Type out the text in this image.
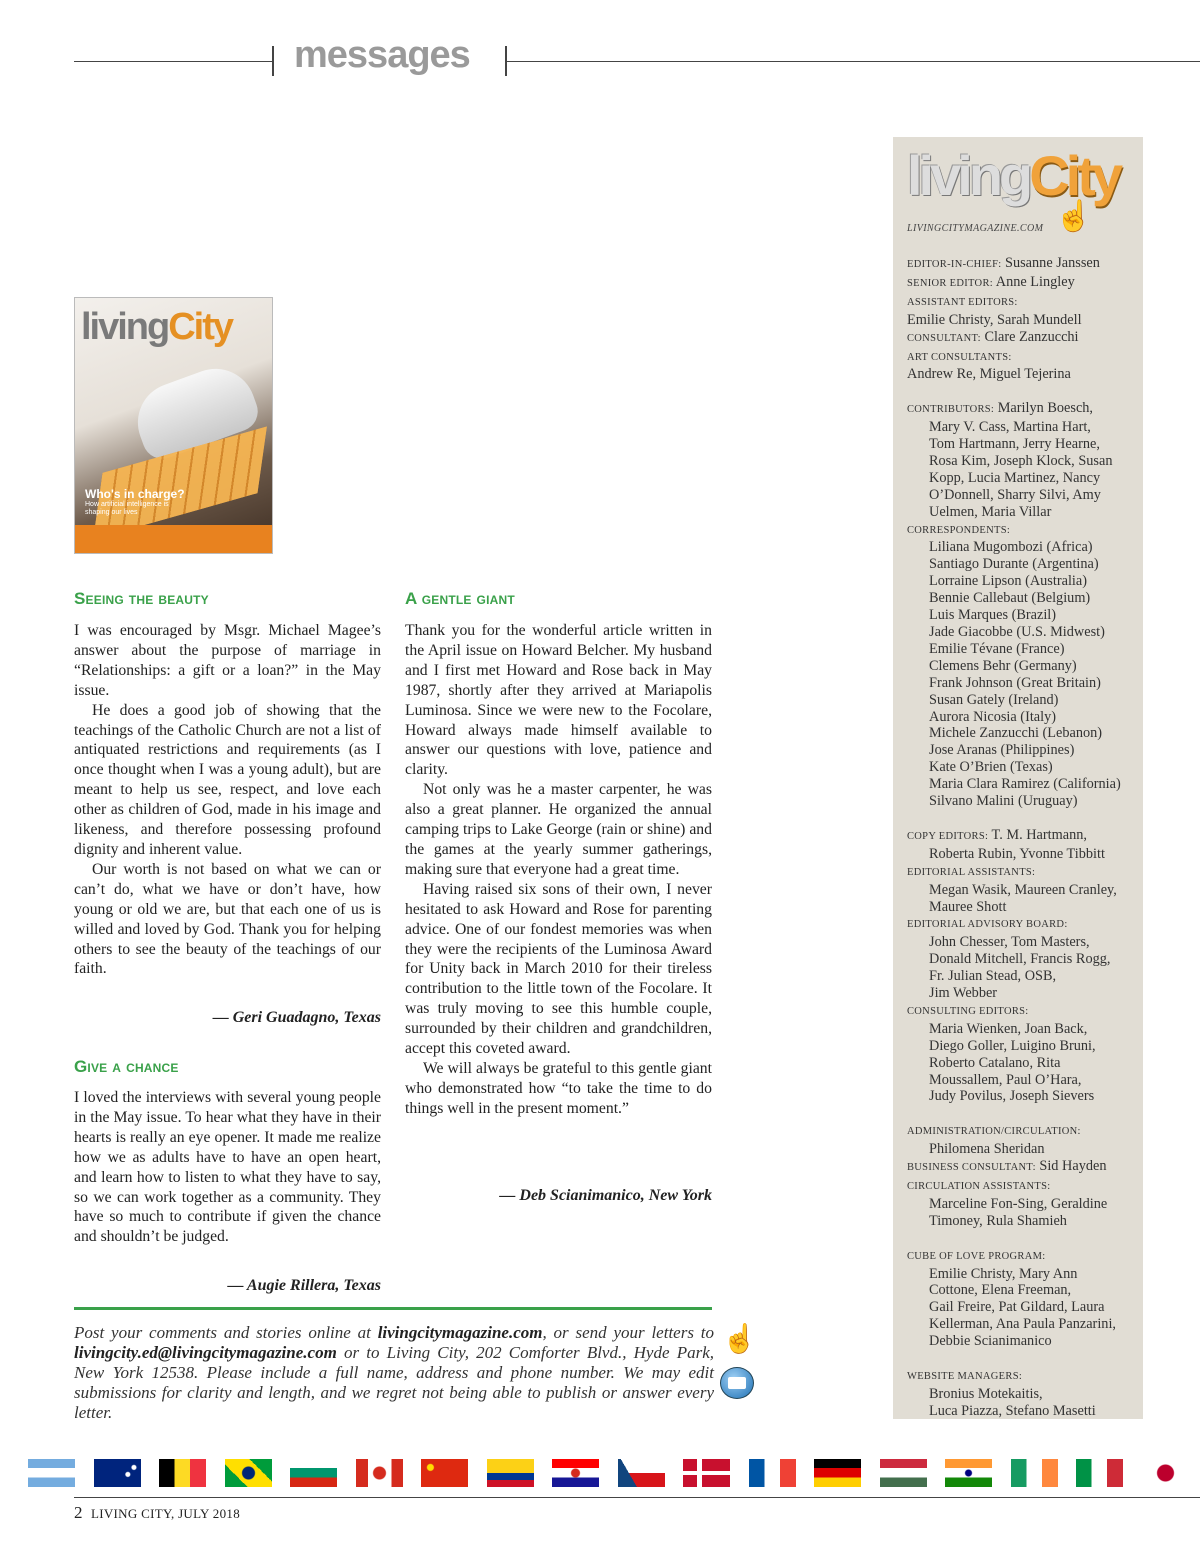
messages
livingCity
Who's in charge?
How artificial intelligence is shaping our lives
Seeing the beauty

I was encouraged by Msgr. Michael Magee’s answer about the purpose of marriage in “Relationships: a gift or a loan?” in the May issue.

He does a good job of showing that the teachings of the Catholic Church are not a list of antiquated restrictions and requirements (as I once thought when I was a young adult), but are meant to help us see, respect, and love each other as children of God, made in his image and likeness, and therefore possessing profound dignity and inherent value.

Our worth is not based on what we can or can’t do, what we have or don’t have, how young or old we are, but that each one of us is willed and loved by God. Thank you for helping others to see the beauty of the teachings of our faith.

— Geri Guadagno, Texas
Give a chance

I loved the interviews with several young people in the May issue. To hear what they have in their hearts is really an eye opener. It made me realize how we as adults have to have an open heart, and learn how to listen to what they have to say, so we can work together as a community. They have so much to contribute if given the chance and shouldn’t be judged.

— Augie Rillera, Texas
A gentle giant

Thank you for the wonderful article written in the April issue on Howard Belcher. My husband and I first met Howard and Rose back in May 1987, shortly after they arrived at Mariapolis Luminosa. Since we were new to the Focolare, Howard always made himself available to answer our questions with love, patience and clarity.

Not only was he a master carpenter, he was also a great planner. He organized the annual camping trips to Lake George (rain or shine) and the games at the yearly summer gatherings, making sure that everyone had a great time.

Having raised six sons of their own, I never hesitated to ask Howard and Rose for parenting advice. One of our fondest memories was when they were the recipients of the Luminosa Award for Unity back in March 2010 for their tireless contribution to the little town of the Focolare. It was truly moving to see this humble couple, surrounded by their children and grandchildren, accept this coveted award.

We will always be grateful to this gentle giant who demonstrated how “to take the time to do things well in the present moment.”

— Deb Scianimanico, New York
Post your comments and stories online at livingcitymagazine.com, or send your letters to livingcity.ed@livingcitymagazine.com or to Living City, 202 Comforter Blvd., Hyde Park, New York 12538. Please include a full name, address and phone number. We may edit submissions for clarity and length, and we regret not being able to publish or answer every letter.
☝
livingCity
☝
LIVINGCITYMAGAZINE.COM
EDITOR-IN-CHIEF: Susanne Janssen
SENIOR EDITOR: Anne Lingley
ASSISTANT EDITORS:
Emilie Christy, Sarah Mundell
CONSULTANT: Clare Zanzucchi
ART CONSULTANTS:
Andrew Re, Miguel Tejerina
CONTRIBUTORS: Marilyn Boesch,
Mary V. Cass, Martina Hart,
Tom Hartmann, Jerry Hearne,
Rosa Kim, Joseph Klock, Susan
Kopp, Lucia Martinez, Nancy
O’Donnell, Sharry Silvi, Amy
Uelmen, Maria Villar
CORRESPONDENTS:
Liliana Mugombozi (Africa)
Santiago Durante (Argentina)
Lorraine Lipson (Australia)
Bennie Callebaut (Belgium)
Luis Marques (Brazil)
Jade Giacobbe (U.S. Midwest)
Emilie Tévane (France)
Clemens Behr (Germany)
Frank Johnson (Great Britain)
Susan Gately (Ireland)
Aurora Nicosia (Italy)
Michele Zanzucchi (Lebanon)
Jose Aranas (Philippines)
Kate O’Brien (Texas)
Maria Clara Ramirez (California)
Silvano Malini (Uruguay)
COPY EDITORS: T. M. Hartmann,
Roberta Rubin, Yvonne Tibbitt
EDITORIAL ASSISTANTS:
Megan Wasik, Maureen Cranley,
Mauree Shott
EDITORIAL ADVISORY BOARD:
John Chesser, Tom Masters,
Donald Mitchell, Francis Rogg,
Fr. Julian Stead, OSB,
Jim Webber
CONSULTING EDITORS:
Maria Wienken, Joan Back,
Diego Goller, Luigino Bruni,
Roberto Catalano, Rita
Moussallem, Paul O’Hara,
Judy Povilus, Joseph Sievers
ADMINISTRATION/CIRCULATION:
Philomena Sheridan
BUSINESS CONSULTANT: Sid Hayden
CIRCULATION ASSISTANTS:
Marceline Fon-Sing, Geraldine
Timoney, Rula Shamieh
CUBE OF LOVE PROGRAM:
Emilie Christy, Mary Ann
Cottone, Elena Freeman,
Gail Freire, Pat Gildard, Laura
Kellerman, Ana Paula Panzarini,
Debbie Scianimanico
WEBSITE MANAGERS:
Bronius Motekaitis,
Luca Piazza, Stefano Masetti
2 LIVING CITY, JULY 2018
